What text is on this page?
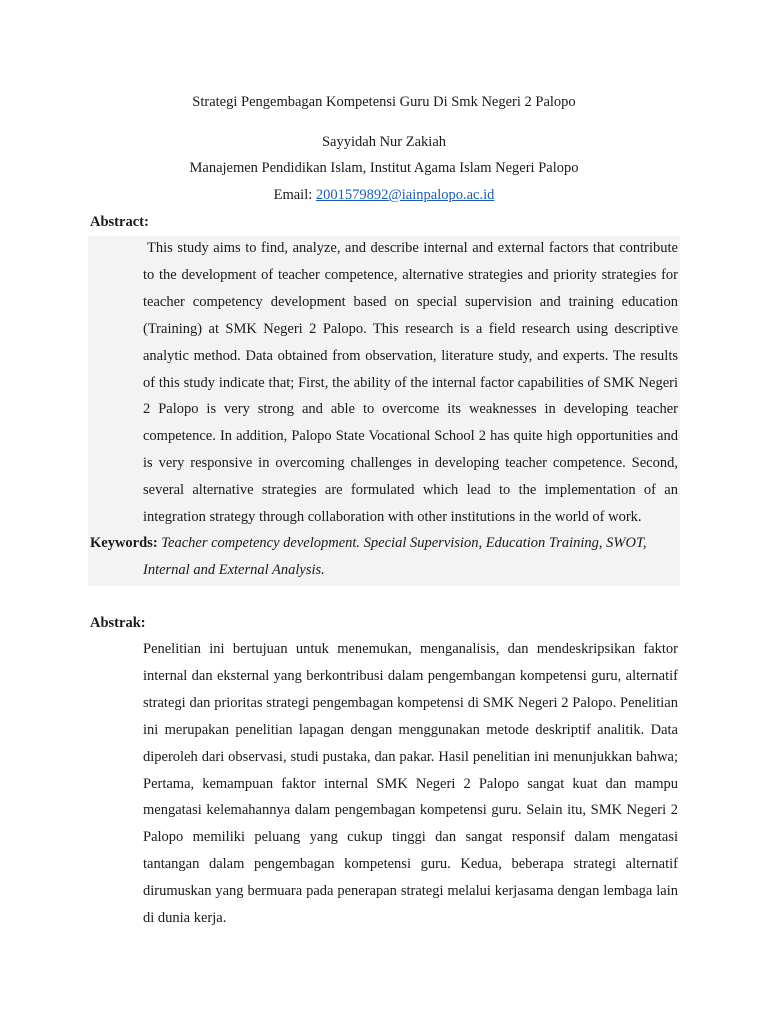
Strategi Pengembagan Kompetensi Guru Di Smk Negeri 2 Palopo
Sayyidah Nur Zakiah
Manajemen Pendidikan Islam, Institut Agama Islam Negeri Palopo
Email: 2001579892@iainpalopo.ac.id
Abstract:
This study aims to find, analyze, and describe internal and external factors that contribute to the development of teacher competence, alternative strategies and priority strategies for teacher competency development based on special supervision and training education (Training) at SMK Negeri 2 Palopo. This research is a field research using descriptive analytic method. Data obtained from observation, literature study, and experts. The results of this study indicate that; First, the ability of the internal factor capabilities of SMK Negeri 2 Palopo is very strong and able to overcome its weaknesses in developing teacher competence. In addition, Palopo State Vocational School 2 has quite high opportunities and is very responsive in overcoming challenges in developing teacher competence. Second, several alternative strategies are formulated which lead to the implementation of an integration strategy through collaboration with other institutions in the world of work.
Keywords: Teacher competency development. Special Supervision, Education Training, SWOT,
Internal and External Analysis.
Abstrak:
Penelitian ini bertujuan untuk menemukan, menganalisis, dan mendeskripsikan faktor internal dan eksternal yang berkontribusi dalam pengembangan kompetensi guru, alternatif strategi dan prioritas strategi pengembagan kompetensi di SMK Negeri 2 Palopo. Penelitian ini merupakan penelitian lapagan dengan menggunakan metode deskriptif analitik. Data diperoleh dari observasi, studi pustaka, dan pakar. Hasil penelitian ini menunjukkan bahwa; Pertama, kemampuan faktor internal SMK Negeri 2 Palopo sangat kuat dan mampu mengatasi kelemahannya dalam pengembagan kompetensi guru. Selain itu, SMK Negeri 2 Palopo memiliki peluang yang cukup tinggi dan sangat responsif dalam mengatasi tantangan dalam pengembagan kompetensi guru. Kedua, beberapa strategi alternatif dirumuskan yang bermuara pada penerapan strategi melalui kerjasama dengan lembaga lain di dunia kerja.
